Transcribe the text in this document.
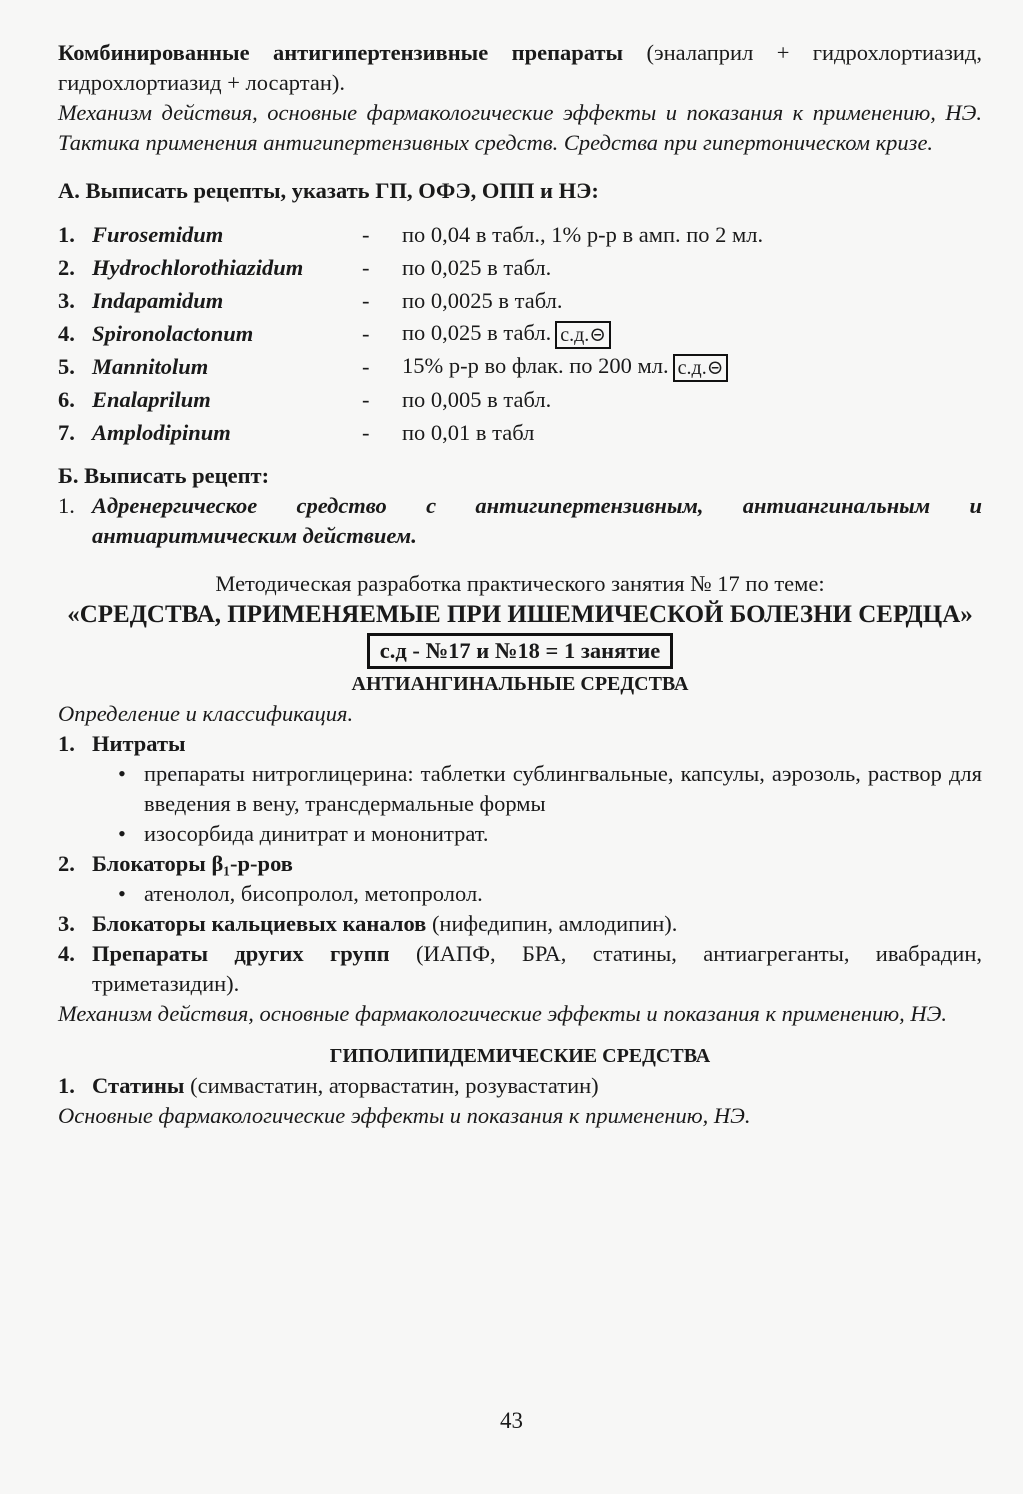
Комбинированные антигипертензивные препараты (эналаприл + гидрохлортиазид, гидрохлортиазид + лосартан).

Механизм действия, основные фармакологические эффекты и показания к применению, НЭ. Тактика применения антигипертензивных средств. Средства при гипертоническом кризе.

А. Выписать рецепты, указать ГП, ОФЭ, ОПП и НЭ:

1. Furosemidum	-	по 0,04 в табл., 1% р-р в амп. по 2 мл.
2. Hydrochlorothiazidum	-	по 0,025 в табл.
3. Indapamidum	-	по 0,0025 в табл.
4. Spironolactonum	-	по 0,025 в табл. с.д.⊝
5. Mannitolum	-	15% р-р во флак. по 200 мл. с.д.⊝
6. Enalaprilum	-	по 0,005 в табл.
7. Amplodipinum	-	по 0,01 в табл

Б. Выписать рецепт:

1. Адренергическое средство с антигипертензивным, антиангинальным и антиаритмическим действием.

Методическая разработка практического занятия № 17 по теме:

«СРЕДСТВА, ПРИМЕНЯЕМЫЕ ПРИ ИШЕМИЧЕСКОЙ БОЛЕЗНИ СЕРДЦА»

с.д - №17 и №18 = 1 занятие

АНТИАНГИНАЛЬНЫЕ СРЕДСТВА

Определение и классификация.

1. Нитраты
• препараты нитроглицерина: таблетки сублингвальные, капсулы, аэрозоль, раствор для введения в вену, трансдермальные формы
• изосорбида динитрат и мононитрат.
2. Блокаторы β₁-р-ров
• атенолол, бисопролол, метопролол.
3. Блокаторы кальциевых каналов (нифедипин, амлодипин).
4. Препараты других групп (ИАПФ, БРА, статины, антиагреганты, ивабрадин, триметазидин).

Механизм действия, основные фармакологические эффекты и показания к применению, НЭ.

ГИПОЛИПИДЕМИЧЕСКИЕ СРЕДСТВА

1. Статины (симвастатин, аторвастатин, розувастатин)

Основные фармакологические эффекты и показания к применению, НЭ.

43
